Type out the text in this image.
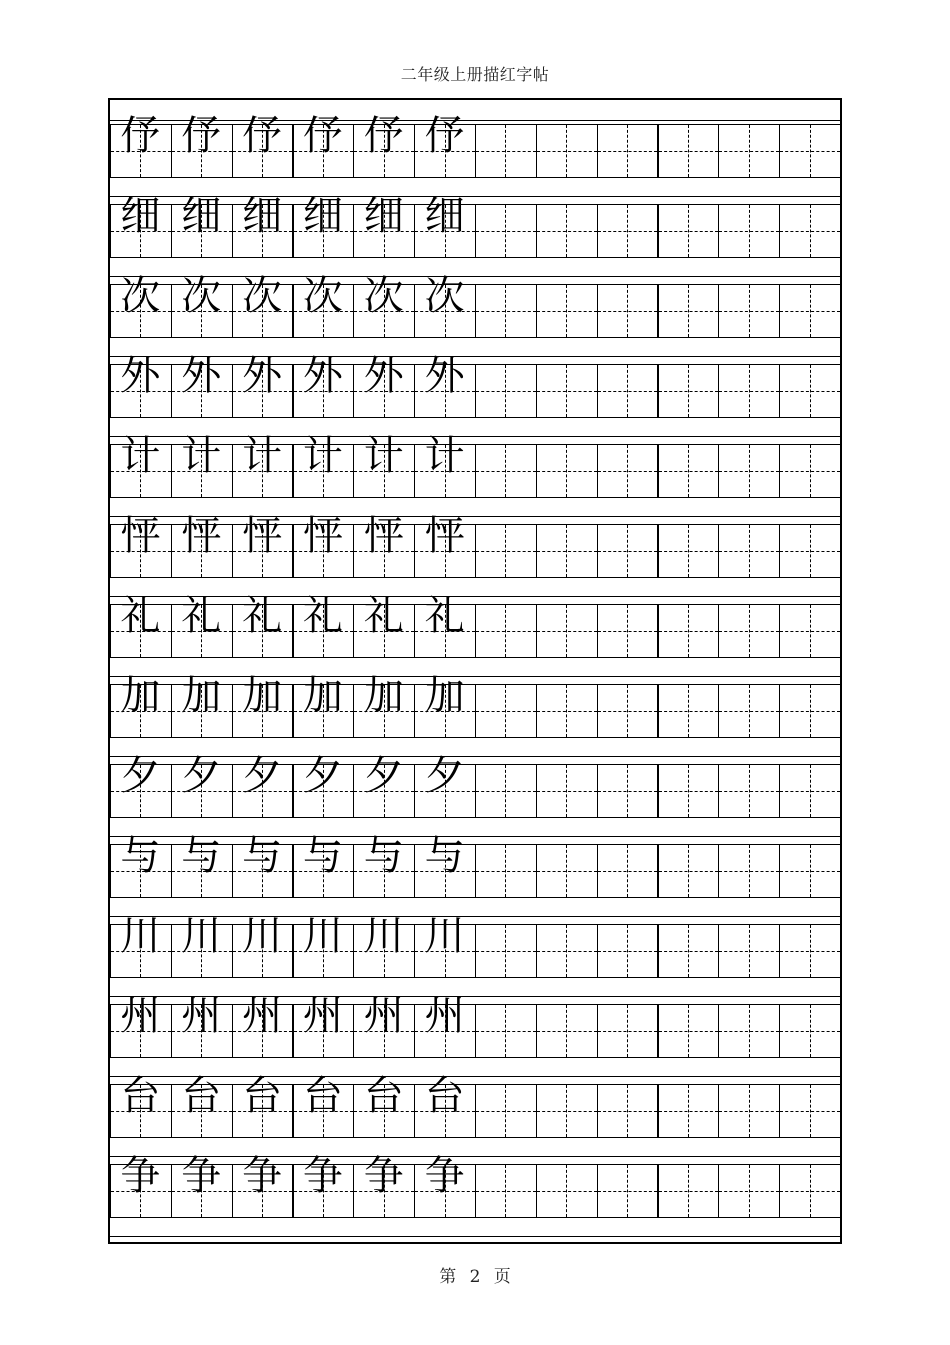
二年级上册描红字帖
伃 伃 伃 伃 伃 伃
细 细 细 细 细 细
次 次 次 次 次 次
外 外 外 外 外 外
计 计 计 计 计 计
怦 怦 怦 怦 怦 怦
礼 礼 礼 礼 礼 礼
加 加 加 加 加 加
夕 夕 夕 夕 夕 夕
与 与 与 与 与 与
川 川 川 川 川 川
州 州 州 州 州 州
台 台 台 台 台 台
争 争 争 争 争 争
第 2 页
